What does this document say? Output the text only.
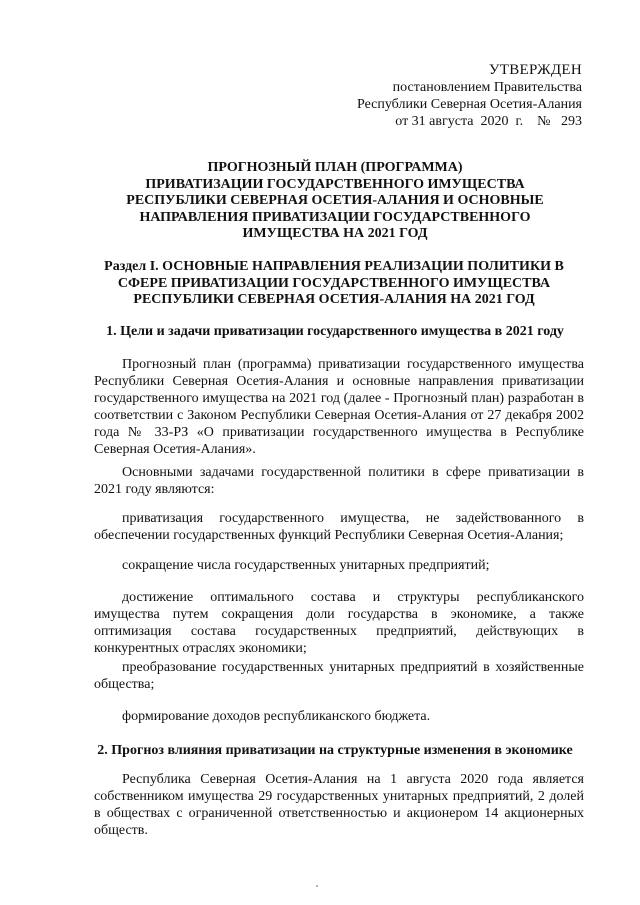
УТВЕРЖДЕН
постановлением Правительства
Республики Северная Осетия-Алания
от 31 августа  2020  г. № 293
ПРОГНОЗНЫЙ ПЛАН (ПРОГРАММА)
ПРИВАТИЗАЦИИ ГОСУДАРСТВЕННОГО ИМУЩЕСТВА
РЕСПУБЛИКИ СЕВЕРНАЯ ОСЕТИЯ-АЛАНИЯ И ОСНОВНЫЕ
НАПРАВЛЕНИЯ ПРИВАТИЗАЦИИ ГОСУДАРСТВЕННОГО
ИМУЩЕСТВА НА 2021 ГОД
Раздел I. ОСНОВНЫЕ НАПРАВЛЕНИЯ РЕАЛИЗАЦИИ ПОЛИТИКИ В
СФЕРЕ ПРИВАТИЗАЦИИ ГОСУДАРСТВЕННОГО ИМУЩЕСТВА
РЕСПУБЛИКИ СЕВЕРНАЯ ОСЕТИЯ-АЛАНИЯ НА 2021 ГОД
1. Цели и задачи приватизации государственного имущества в 2021 году

Прогнозный план (программа) приватизации государственного имущества Республики Северная Осетия-Алания и основные направления приватизации государственного имущества на 2021 год (далее - Прогнозный план) разработан в соответствии с Законом Республики Северная Осетия-Алания от 27 декабря 2002 года № 33-РЗ «О приватизации государственного имущества в Республике Северная Осетия-Алания».

Основными задачами государственной политики в сфере приватизации в 2021 году являются:

приватизация государственного имущества, не задействованного в обеспечении государственных функций Республики Северная Осетия-Алания;

сокращение числа государственных унитарных предприятий;

достижение оптимального состава и структуры республиканского имущества путем сокращения доли государства в экономике, а также оптимизация состава государственных предприятий, действующих в конкурентных отраслях экономики;

преобразование государственных унитарных предприятий в хозяйственные общества;

формирование доходов республиканского бюджета.

2. Прогноз влияния приватизации на структурные изменения в экономике

Республика Северная Осетия-Алания на 1 августа 2020 года является собственником имущества 29 государственных унитарных предприятий, 2 долей в обществах с ограниченной ответственностью и акционером 14 акционерных обществ.
